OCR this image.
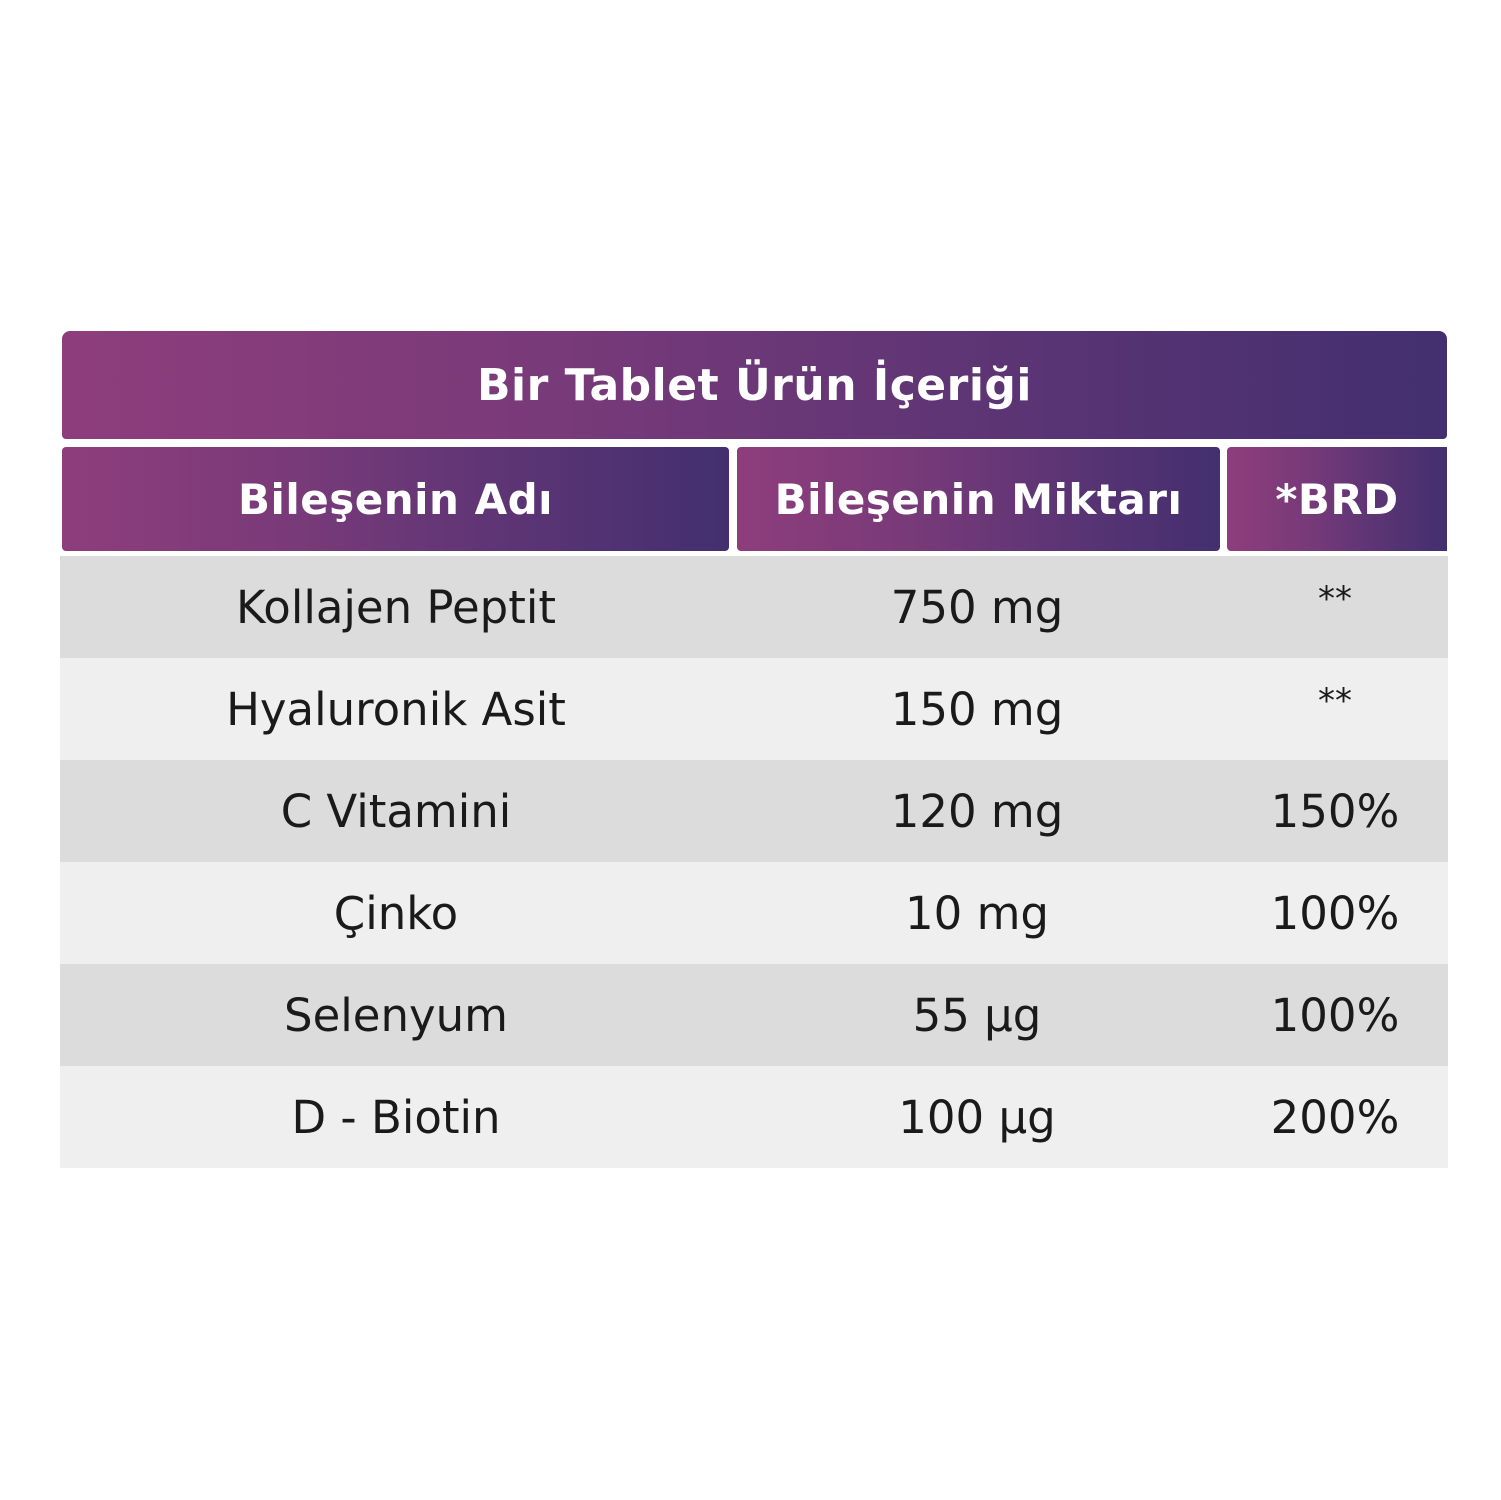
Bir Tablet Ürün İçeriği
Bileşenin Adı	Bileşenin Miktarı	*BRD
Kollajen Peptit	750 mg	**
Hyaluronik Asit	150 mg	**
C Vitamini	120 mg	150%
Çinko	10 mg	100%
Selenyum	55 µg	100%
D - Biotin	100 µg	200%
